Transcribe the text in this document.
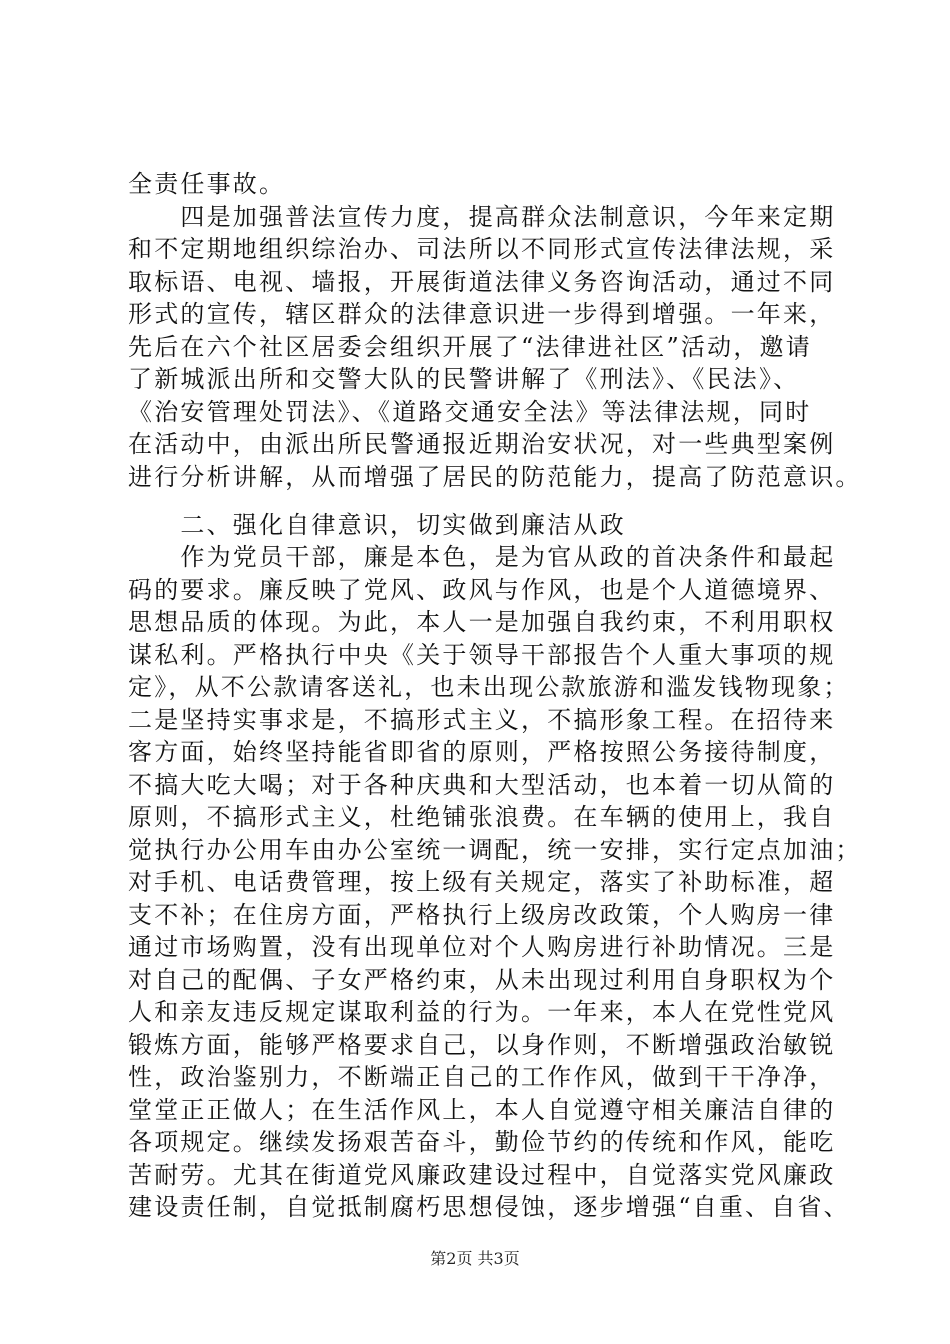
全责任事故。
　　四是加强普法宣传力度，提高群众法制意识，今年来定期
和不定期地组织综治办、司法所以不同形式宣传法律法规，采
取标语、电视、墙报，开展街道法律义务咨询活动，通过不同
形式的宣传，辖区群众的法律意识进一步得到增强。一年来，
先后在六个社区居委会组织开展了“法律进社区”活动，邀请
了新城派出所和交警大队的民警讲解了《刑法》、《民法》、
《治安管理处罚法》、《道路交通安全法》等法律法规，同时
在活动中，由派出所民警通报近期治安状况，对一些典型案例
进行分析讲解，从而增强了居民的防范能力，提高了防范意识。
　　二、强化自律意识，切实做到廉洁从政
　　作为党员干部，廉是本色，是为官从政的首决条件和最起
码的要求。廉反映了党风、政风与作风，也是个人道德境界、
思想品质的体现。为此，本人一是加强自我约束，不利用职权
谋私利。严格执行中央《关于领导干部报告个人重大事项的规
定》，从不公款请客送礼，也未出现公款旅游和滥发钱物现象；
二是坚持实事求是，不搞形式主义，不搞形象工程。在招待来
客方面，始终坚持能省即省的原则，严格按照公务接待制度，
不搞大吃大喝；对于各种庆典和大型活动，也本着一切从简的
原则，不搞形式主义，杜绝铺张浪费。在车辆的使用上，我自
觉执行办公用车由办公室统一调配，统一安排，实行定点加油；
对手机、电话费管理，按上级有关规定，落实了补助标准，超
支不补；在住房方面，严格执行上级房改政策，个人购房一律
通过市场购置，没有出现单位对个人购房进行补助情况。三是
对自己的配偶、子女严格约束，从未出现过利用自身职权为个
人和亲友违反规定谋取利益的行为。一年来，本人在党性党风
锻炼方面，能够严格要求自己，以身作则，不断增强政治敏锐
性，政治鉴别力，不断端正自己的工作作风，做到干干净净，
堂堂正正做人；在生活作风上，本人自觉遵守相关廉洁自律的
各项规定。继续发扬艰苦奋斗，勤俭节约的传统和作风，能吃
苦耐劳。尤其在街道党风廉政建设过程中，自觉落实党风廉政
建设责任制，自觉抵制腐朽思想侵蚀，逐步增强“自重、自省、
第2页 共3页
